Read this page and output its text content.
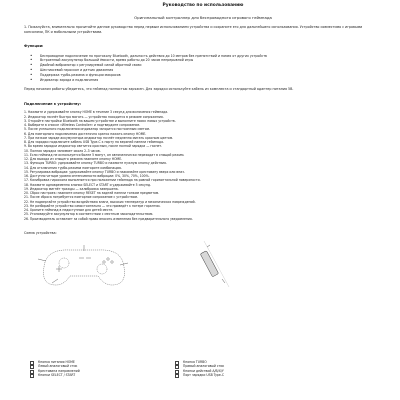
Руководство по использованию
Оригинальный контроллер для беспроводного игрового геймпада
1. Пожалуйста, внимательно прочитайте данное руководство перед первым использованием устройства и сохраните его для дальнейшего использования. Устройство совместимо с игровыми консолями, ПК и мобильными устройствами.
Функции:
• Беспроводное подключение по протоколу Bluetooth, дальность действия до 10 метров без препятствий и помех от других устройств
• Встроенный аккумулятор большой ёмкости, время работы до 20 часов непрерывной игры
• Двойной вибромотор с регулируемой силой обратной связи
• Шестиосевой гироскоп и датчик движения
• Поддержка турбо-режима и функции макросов
• Индикатор заряда и подключения
Перед началом работы убедитесь, что геймпад полностью заряжен. Для зарядки используйте кабель из комплекта и стандартный адаптер питания 5В.
Подключение к устройству:
1. Нажмите и удерживайте кнопку HOME в течение 3 секунд для включения геймпада.
2. Индикатор начнёт быстро мигать — устройство находится в режиме сопряжения.
3. Откройте настройки Bluetooth на вашем устройстве и выполните поиск новых устройств.
4. Выберите в списке «Wireless Controller» и подтвердите сопряжение.
5. После успешного подключения индикатор загорится постоянным светом.
6. Для повторного подключения достаточно кратко нажать кнопку HOME.
7. При низком заряде аккумулятора индикатор начнёт медленно мигать красным цветом.
8. Для зарядки подключите кабель USB Type-C к порту на верхней панели геймпада.
9. Во время зарядки индикатор светится красным, после полной зарядки — гаснет.
10. Полная зарядка занимает около 2–3 часов.
11. Если геймпад не используется более 5 минут, он автоматически переходит в спящий режим.
12. Для выхода из спящего режима нажмите кнопку HOME.
13. Функция TURBO: удерживайте кнопку TURBO и нажмите нужную кнопку действия.
14. Для отключения турбо-режима повторите комбинацию.
15. Регулировка вибрации: удерживайте кнопку TURBO и нажимайте крестовину вверх или вниз.
16. Доступно четыре уровня интенсивности вибрации: 0%, 30%, 70%, 100%.
17. Калибровка гироскопа выполняется при положении геймпада на ровной горизонтальной поверхности.
18. Нажмите одновременно кнопки SELECT и START и удерживайте 5 секунд.
19. Индикатор мигнёт трижды — калибровка завершена.
20. Сброс настроек: нажмите кнопку RESET на задней панели тонким предметом.
21. После сброса потребуется повторное сопряжение с устройством.
22. Не подвергайте устройство воздействию влаги, высоких температур и механических повреждений.
23. Не разбирайте устройство самостоятельно — это приведёт к потере гарантии.
24. Храните геймпад в недоступном для детей месте.
25. Утилизируйте аккумулятор в соответствии с местным законодательством.
26. Производитель оставляет за собой право вносить изменения без предварительного уведомления.
Схема устройства:
Кнопка питания HOME
Левый аналоговый стик
Крестовина направлений
Кнопки SELECT / START
Кнопка TURBO
Правый аналоговый стик
Кнопки действий A/B/X/Y
Порт зарядки USB Type-C
